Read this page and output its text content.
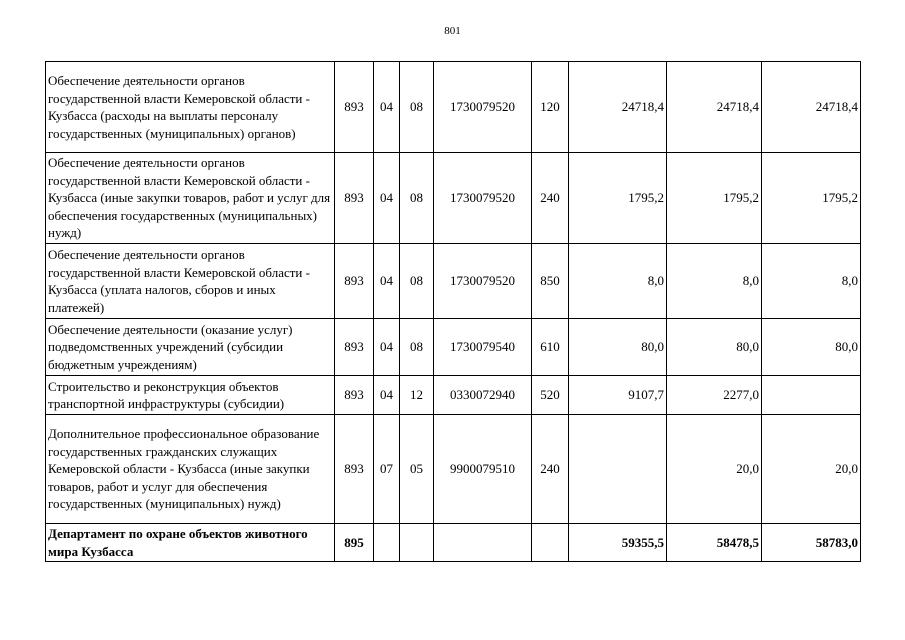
801
Обеспечение деятельности органов государственной власти Кемеровской области - Кузбасса (расходы на выплаты персоналу государственных (муниципальных) органов)	893	04	08	1730079520	120	24718,4	24718,4	24718,4
Обеспечение деятельности органов государственной власти Кемеровской области - Кузбасса (иные закупки товаров, работ и услуг для обеспечения государственных (муниципальных) нужд)	893	04	08	1730079520	240	1795,2	1795,2	1795,2
Обеспечение деятельности органов государственной власти Кемеровской области - Кузбасса (уплата налогов, сборов и иных платежей)	893	04	08	1730079520	850	8,0	8,0	8,0
Обеспечение деятельности (оказание услуг) подведомственных учреждений (субсидии бюджетным учреждениям)	893	04	08	1730079540	610	80,0	80,0	80,0
Строительство и реконструкция объектов транспортной инфраструктуры (субсидии)	893	04	12	0330072940	520	9107,7	2277,0	
Дополнительное профессиональное образование государственных гражданских служащих Кемеровской области - Кузбасса (иные закупки товаров, работ и услуг для обеспечения государственных (муниципальных) нужд)	893	07	05	9900079510	240		20,0	20,0
Департамент по охране объектов животного мира Кузбасса	895					59355,5	58478,5	58783,0
